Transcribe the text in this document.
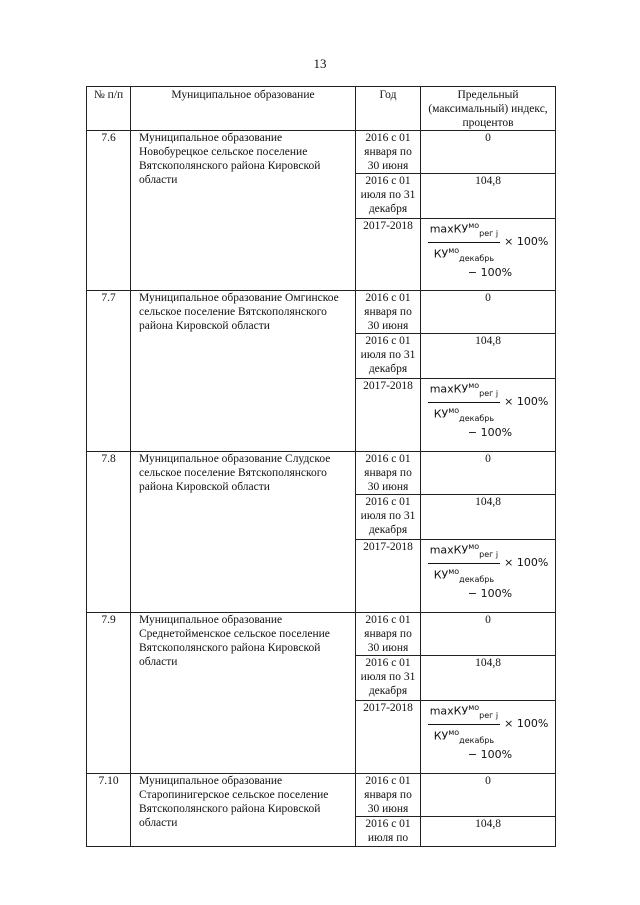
13
№ п/п	Муниципальное образование	Год	Предельный (максимальный) индекс, процентов
7.6	Муниципальное образование Новобурецкое сельское поселение Вятскополянского района Кировской области	2016 с 01 января по 30 июня	0
		2016 с 01 июля по 31 декабря	104,8
		2017-2018	$\frac{\max КУ^{мо}_{рег j}}{КУ^{мо}_{декабрь}} \times 100\%$
− 100%

7.7	Муниципальное образование Омгинское сельское поселение Вятскополянского района Кировской области	2016 с 01 января по 30 июня	0
		2016 с 01 июля по 31 декабря	104,8
		2017-2018	$\frac{\max КУ^{мо}_{рег j}}{КУ^{мо}_{декабрь}} \times 100\%$
− 100%

7.8	Муниципальное образование Слудское сельское поселение Вятскополянского района Кировской области	2016 с 01 января по 30 июня	0
		2016 с 01 июля по 31 декабря	104,8
		2017-2018	$\frac{\max КУ^{мо}_{рег j}}{КУ^{мо}_{декабрь}} \times 100\%$
− 100%

7.9	Муниципальное образование Среднетоймeнское сельское поселение Вятскополянского района Кировской области	2016 с 01 января по 30 июня	0
		2016 с 01 июля по 31 декабря	104,8
		2017-2018	$\frac{\max КУ^{мо}_{рег j}}{КУ^{мо}_{декабрь}} \times 100\%$
− 100%

7.10	Муниципальное образование Старопинигерское сельское поселение Вятскополянского района Кировской области	2016 с 01 января по 30 июня	0
		2016 с 01 июля по	104,8
